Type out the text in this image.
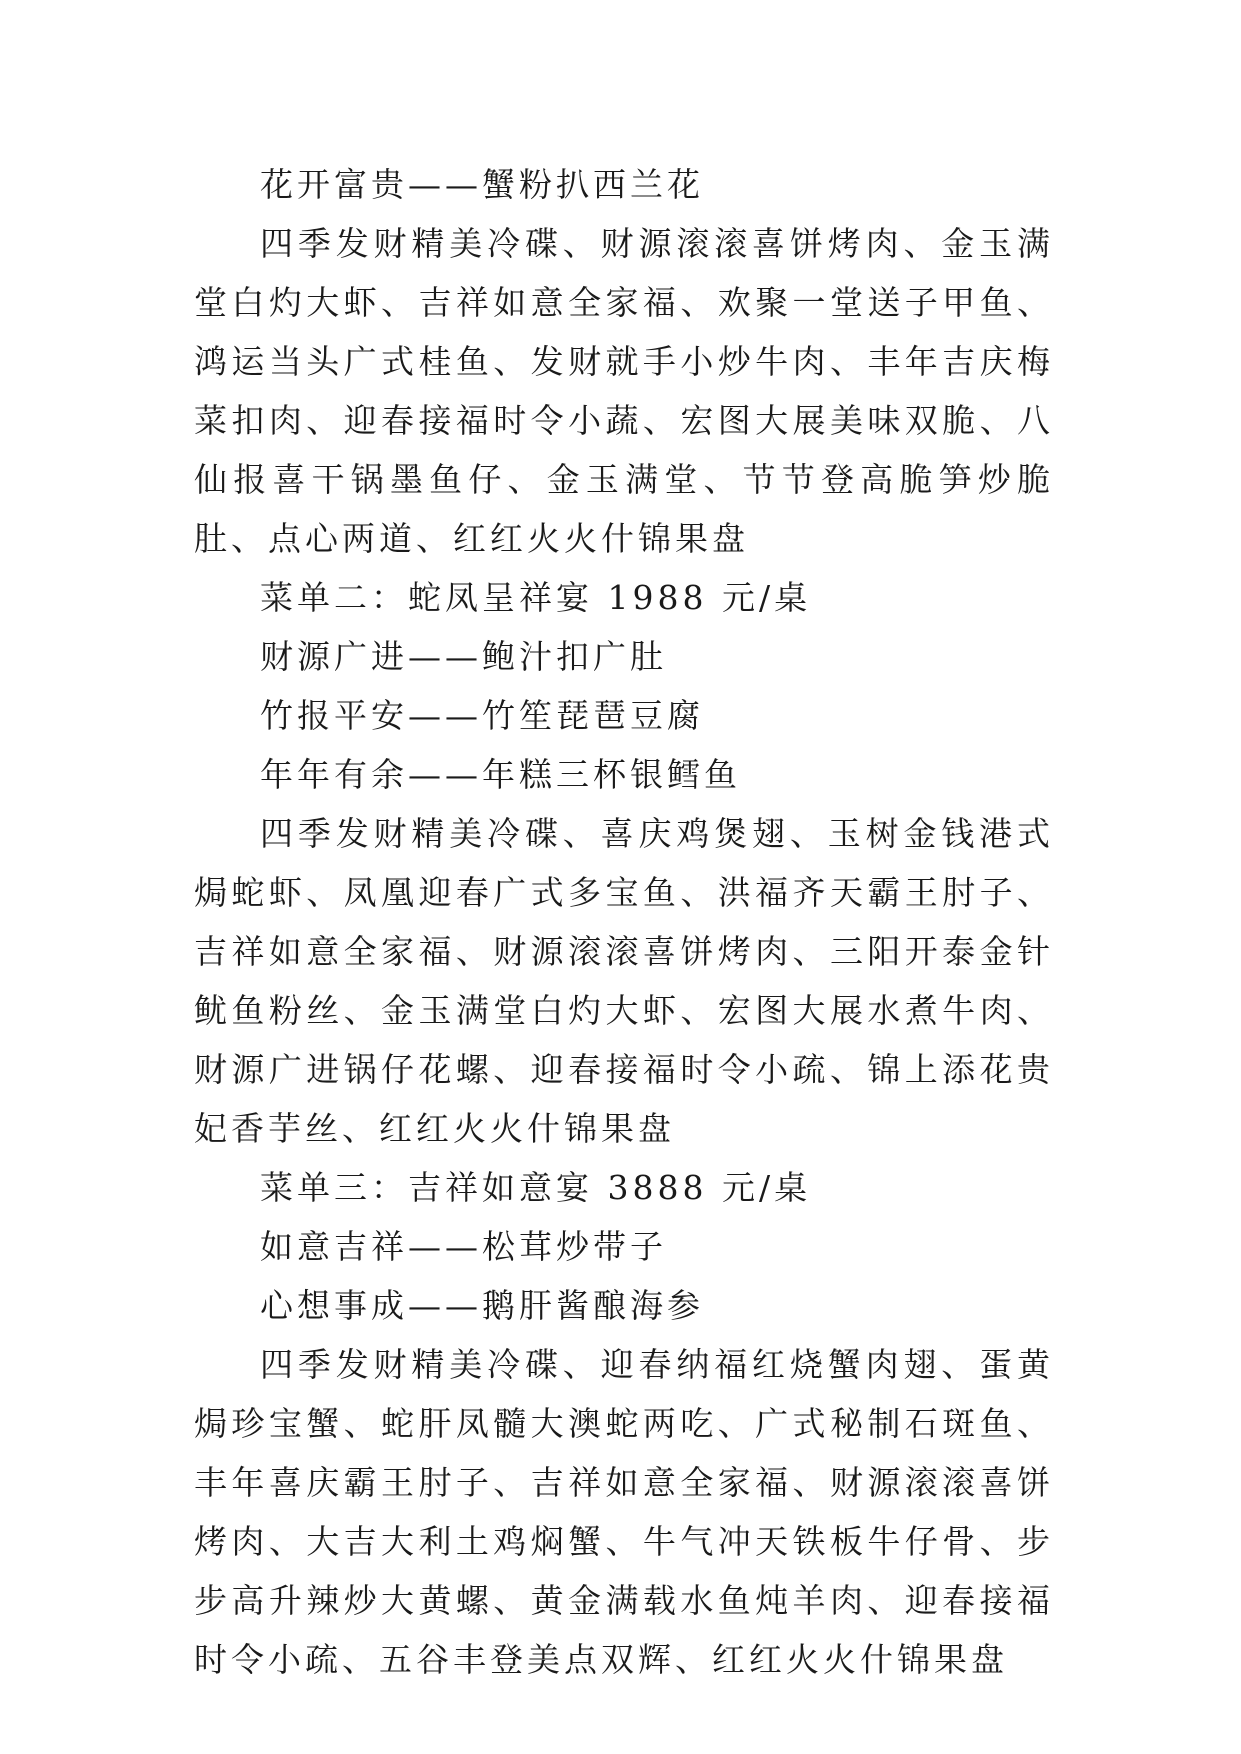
花开富贵——蟹粉扒西兰花

四季发财精美冷碟、财源滚滚喜饼烤肉、金玉满堂白灼大虾、吉祥如意全家福、欢聚一堂送子甲鱼、鸿运当头广式桂鱼、发财就手小炒牛肉、丰年吉庆梅菜扣肉、迎春接福时令小蔬、宏图大展美味双脆、八仙报喜干锅墨鱼仔、金玉满堂、节节登高脆笋炒脆肚、点心两道、红红火火什锦果盘

菜单二：蛇凤呈祥宴 1988 元/桌

财源广进——鲍汁扣广肚

竹报平安——竹笙琵琶豆腐

年年有余——年糕三杯银鳕鱼

四季发财精美冷碟、喜庆鸡煲翅、玉树金钱港式焗蛇虾、凤凰迎春广式多宝鱼、洪福齐天霸王肘子、吉祥如意全家福、财源滚滚喜饼烤肉、三阳开泰金针鱿鱼粉丝、金玉满堂白灼大虾、宏图大展水煮牛肉、财源广进锅仔花螺、迎春接福时令小疏、锦上添花贵妃香芋丝、红红火火什锦果盘

菜单三：吉祥如意宴 3888 元/桌

如意吉祥——松茸炒带子

心想事成——鹅肝酱酿海参

四季发财精美冷碟、迎春纳福红烧蟹肉翅、蛋黄焗珍宝蟹、蛇肝凤髓大澳蛇两吃、广式秘制石斑鱼、丰年喜庆霸王肘子、吉祥如意全家福、财源滚滚喜饼烤肉、大吉大利土鸡焖蟹、牛气冲天铁板牛仔骨、步步高升辣炒大黄螺、黄金满载水鱼炖羊肉、迎春接福时令小疏、五谷丰登美点双辉、红红火火什锦果盘
